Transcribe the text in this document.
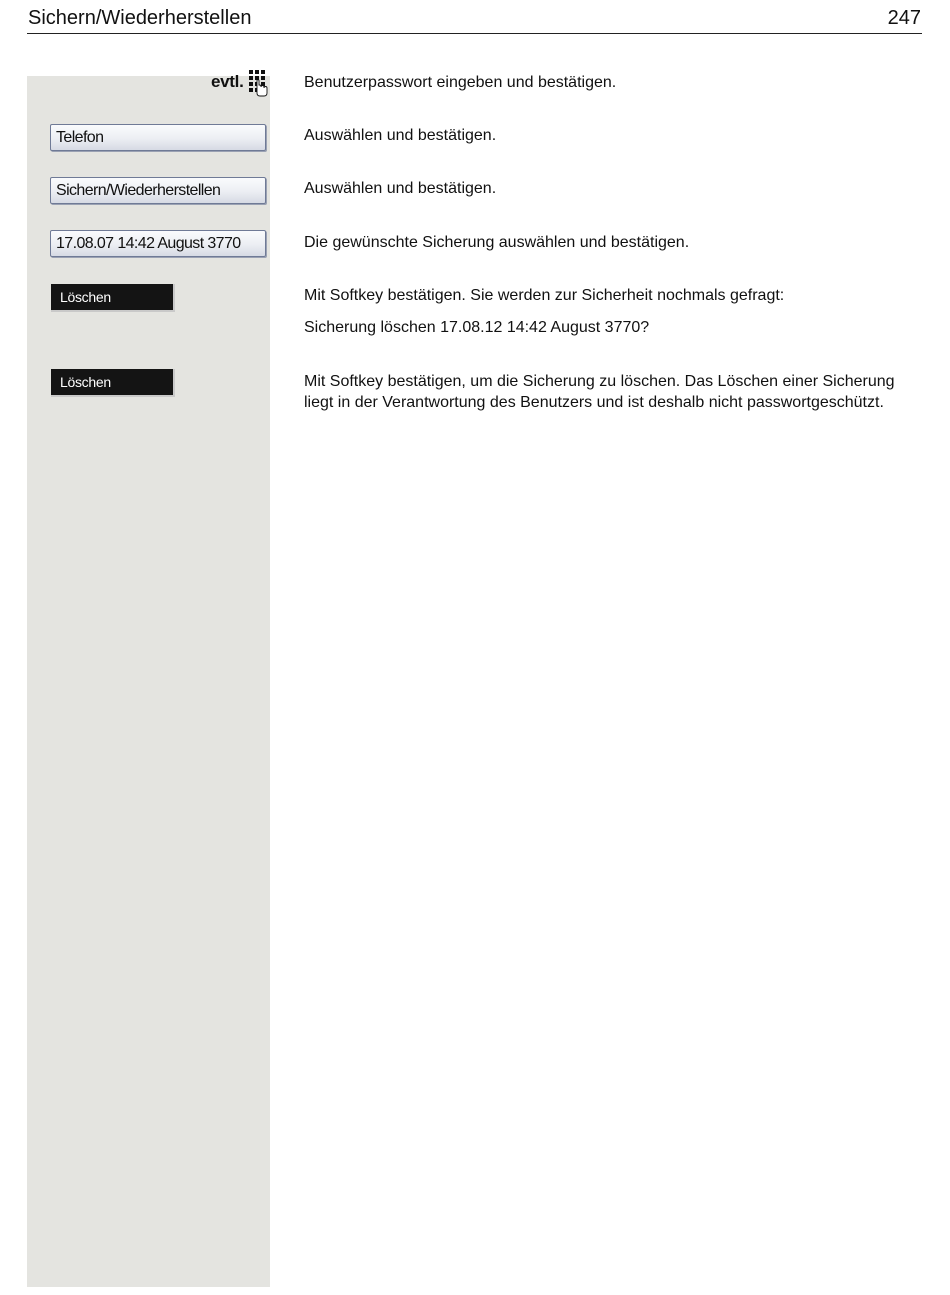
Sichern/Wiederherstellen	247
evtl.
Telefon
Sichern/Wiederherstellen
17.08.07 14:42 August 3770
Löschen
Löschen
Benutzerpasswort eingeben und bestätigen.
Auswählen und bestätigen.
Auswählen und bestätigen.
Die gewünschte Sicherung auswählen und bestätigen.
Mit Softkey bestätigen. Sie werden zur Sicherheit nochmals gefragt:
Sicherung löschen 17.08.12 14:42 August 3770?
Mit Softkey bestätigen, um die Sicherung zu löschen. Das Löschen einer Sicherung liegt in der Verantwortung des Benutzers und ist deshalb nicht passwortgeschützt.
